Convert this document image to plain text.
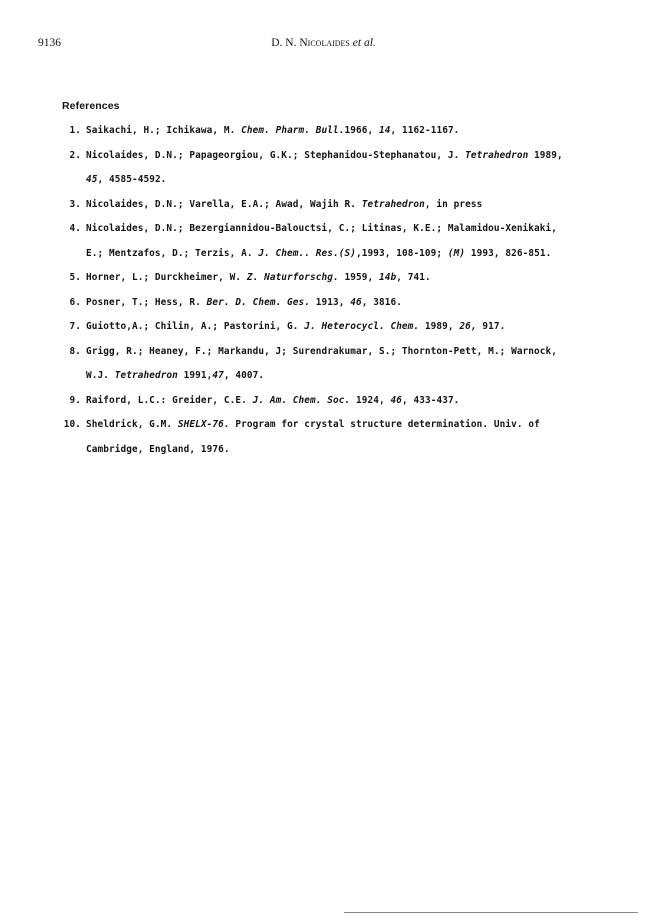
9136	D. N. Nicolaides et al.
References
1. Saikachi, H.; Ichikawa, M. Chem. Pharm. Bull.1966, 14, 1162-1167.
2. Nicolaides, D.N.; Papageorgiou, G.K.; Stephanidou-Stephanatou, J. Tetrahedron 1989,
45, 4585-4592.
3. Nicolaides, D.N.; Varella, E.A.; Awad, Wajih R. Tetrahedron, in press
4. Nicolaides, D.N.; Bezergiannidou-Balouctsi, C.; Litinas, K.E.; Malamidou-Xenikaki,
E.; Mentzafos, D.; Terzis, A. J. Chem.. Res.(S),1993, 108-109; (M) 1993, 826-851.
5. Horner, L.; Durckheimer, W. Z. Naturforschg. 1959, 14b, 741.
6. Posner, T.; Hess, R. Ber. D. Chem. Ges. 1913, 46, 3816.
7. Guiotto,A.; Chilin, A.; Pastorini, G. J. Heterocycl. Chem. 1989, 26, 917.
8. Grigg, R.; Heaney, F.; Markandu, J; Surendrakumar, S.; Thornton-Pett, M.; Warnock,
W.J. Tetrahedron 1991,47, 4007.
9. Raiford, L.C.: Greider, C.E. J. Am. Chem. Soc. 1924, 46, 433-437.
10. Sheldrick, G.M. SHELX-76. Program for crystal structure determination. Univ. of
Cambridge, England, 1976.
